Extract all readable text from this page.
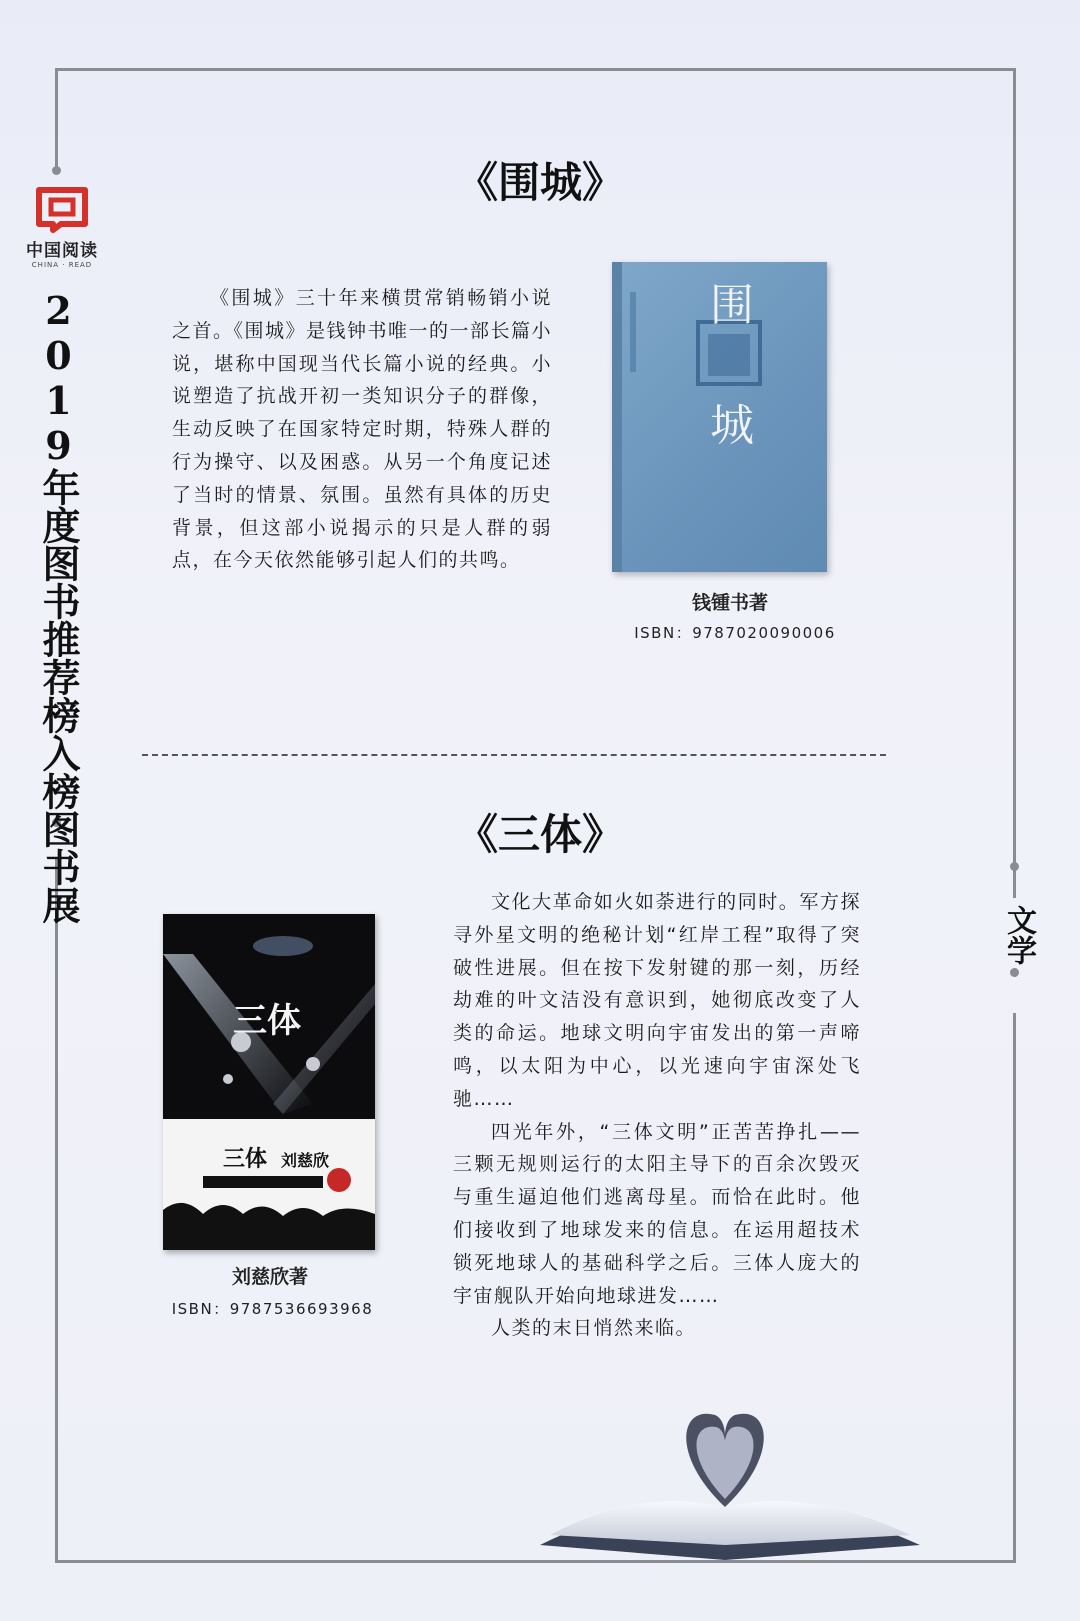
中国阅读
CHINA · READ
2019年度图书推荐榜入榜图书展
文学
《围城》

《围城》三十年来横贯常销畅销小说之首。《围城》是钱钟书唯一的一部长篇小说，堪称中国现当代长篇小说的经典。小说塑造了抗战开初一类知识分子的群像，生动反映了在国家特定时期，特殊人群的行为操守、以及困惑。从另一个角度记述了当时的情景、氛围。虽然有具体的历史背景，但这部小说揭示的只是人群的弱点，在今天依然能够引起人们的共鸣。

围
城
钱锺书著
ISBN：9787020090006
《三体》

文化大革命如火如荼进行的同时。军方探寻外星文明的绝秘计划“红岸工程”取得了突破性进展。但在按下发射键的那一刻，历经劫难的叶文洁没有意识到，她彻底改变了人类的命运。地球文明向宇宙发出的第一声啼鸣，以太阳为中心，以光速向宇宙深处飞驰……

四光年外，“三体文明”正苦苦挣扎——三颗无规则运行的太阳主导下的百余次毁灭与重生逼迫他们逃离母星。而恰在此时。他们接收到了地球发来的信息。在运用超技术锁死地球人的基础科学之后。三体人庞大的宇宙舰队开始向地球进发……

人类的末日悄然来临。

三体
三体 刘慈欣
刘慈欣著
ISBN：9787536693968
